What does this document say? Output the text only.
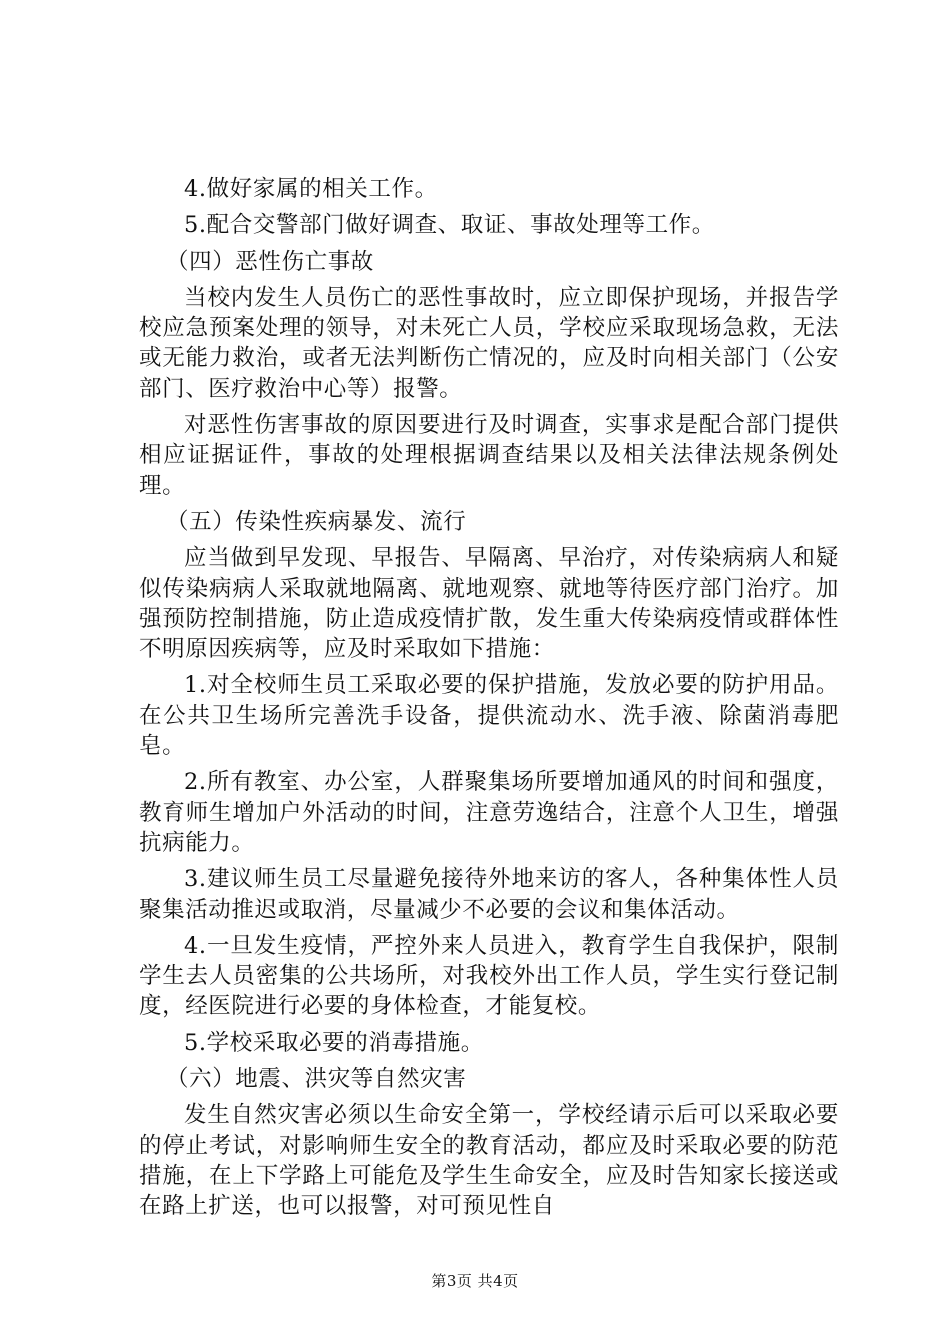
4.做好家属的相关工作。

5.配合交警部门做好调查、取证、事故处理等工作。

（四）恶性伤亡事故

当校内发生人员伤亡的恶性事故时，应立即保护现场，并报告学校应急预案处理的领导，对未死亡人员，学校应采取现场急救，无法或无能力救治，或者无法判断伤亡情况的，应及时向相关部门（公安部门、医疗救治中心等）报警。

对恶性伤害事故的原因要进行及时调查，实事求是配合部门提供相应证据证件，事故的处理根据调查结果以及相关法律法规条例处理。

（五）传染性疾病暴发、流行

应当做到早发现、早报告、早隔离、早治疗，对传染病病人和疑似传染病病人采取就地隔离、就地观察、就地等待医疗部门治疗。加强预防控制措施，防止造成疫情扩散，发生重大传染病疫情或群体性不明原因疾病等，应及时采取如下措施：

1.对全校师生员工采取必要的保护措施，发放必要的防护用品。在公共卫生场所完善洗手设备，提供流动水、洗手液、除菌消毒肥皂。

2.所有教室、办公室，人群聚集场所要增加通风的时间和强度，教育师生增加户外活动的时间，注意劳逸结合，注意个人卫生，增强抗病能力。

3.建议师生员工尽量避免接待外地来访的客人，各种集体性人员聚集活动推迟或取消，尽量减少不必要的会议和集体活动。

4.一旦发生疫情，严控外来人员进入，教育学生自我保护，限制学生去人员密集的公共场所，对我校外出工作人员，学生实行登记制度，经医院进行必要的身体检查，才能复校。

5.学校采取必要的消毒措施。

（六）地震、洪灾等自然灾害

发生自然灾害必须以生命安全第一，学校经请示后可以采取必要的停止考试，对影响师生安全的教育活动，都应及时采取必要的防范措施，在上下学路上可能危及学生生命安全，应及时告知家长接送或在路上扩送，也可以报警，对可预见性自

第3页 共4页
